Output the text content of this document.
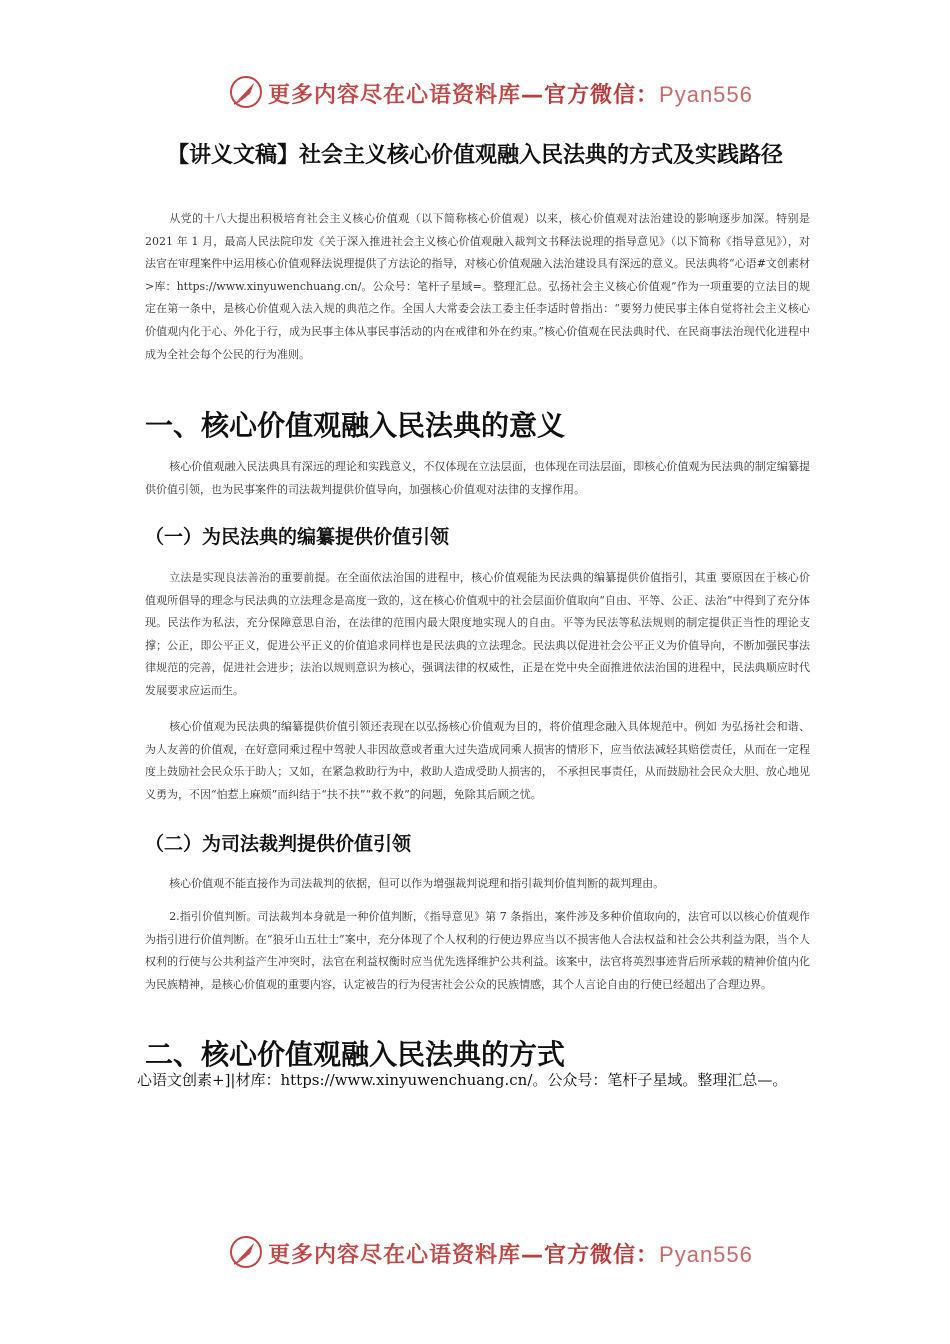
更多内容尽在心语资料库—官方微信：Pyan556
【讲义文稿】社会主义核心价值观融入民法典的方式及实践路径

从党的十八大提出积极培育社会主义核心价值观（以下简称核心价值观）以来，核心价值观对法治建设的影响逐步加深。特别是 2021 年 1 月，最高人民法院印发《关于深入推进社会主义核心价值观融入裁判文书释法说理的指导意见》（以下简称《指导意见》），对法官在审理案件中运用核心价值观释法说理提供了方法论的指导，对核心价值观融入法治建设具有深远的意义。民法典将“心语#文创素材>库：https://www.xinyuwenchuang.cn/。公众号：笔杆子星域=。整理汇总。弘扬社会主义核心价值观”作为一项重要的立法目的规定在第一条中，是核心价值观入法入规的典范之作。全国人大常委会法工委主任李适时曾指出：“要努力使民事主体自觉将社会主义核心价值观内化于心、外化于行，成为民事主体从事民事活动的内在戒律和外在约束。”核心价值观在民法典时代、在民商事法治现代化进程中成为全社会每个公民的行为准则。

一、核心价值观融入民法典的意义

核心价值观融入民法典具有深远的理论和实践意义，不仅体现在立法层面，也体现在司法层面，即核心价值观为民法典的制定编纂提供价值引领，也为民事案件的司法裁判提供价值导向，加强核心价值观对法律的支撑作用。

（一）为民法典的编纂提供价值引领

立法是实现良法善治的重要前提。在全面依法治国的进程中，核心价值观能为民法典的编纂提供价值指引，其重 要原因在于核心价值观所倡导的理念与民法典的立法理念是高度一致的，这在核心价值观中的社会层面价值取向“自由、平等、公正、法治”中得到了充分体现。民法作为私法，充分保障意思自治，在法律的范围内最大限度地实现人的自由。平等为民法等私法规则的制定提供正当性的理论支撑；公正，即公平正义，促进公平正义的价值追求同样也是民法典的立法理念。民法典以促进社会公平正义为价值导向，不断加强民事法律规范的完善，促进社会进步；法治以规则意识为核心，强调法律的权威性，正是在党中央全面推进依法治国的进程中，民法典顺应时代发展要求应运而生。

核心价值观为民法典的编纂提供价值引领还表现在以弘扬核心价值观为目的，将价值理念融入具体规范中。例如 为弘扬社会和谐、为人友善的价值观，在好意同乘过程中驾驶人非因故意或者重大过失造成同乘人损害的情形下，应当依法减轻其赔偿责任，从而在一定程度上鼓励社会民众乐于助人；又如，在紧急救助行为中，救助人造成受助人损害的， 不承担民事责任，从而鼓励社会民众大胆、放心地见义勇为，不因“怕惹上麻烦”而纠结于“扶不扶”“救不救”的问题，免除其后顾之忧。

（二）为司法裁判提供价值引领

核心价值观不能直接作为司法裁判的依据，但可以作为增强裁判说理和指引裁判价值判断的裁判理由。

2.指引价值判断。司法裁判本身就是一种价值判断，《指导意见》第 7 条指出，案件涉及多种价值取向的，法官可以以核心价值观作为指引进行价值判断。在“狼牙山五壮士”案中，充分体现了个人权利的行使边界应当以不损害他人合法权益和社会公共利益为限，当个人权利的行使与公共利益产生冲突时，法官在利益权衡时应当优先选择维护公共利益。该案中，法官将英烈事迹背后所承载的精神价值内化为民族精神，是核心价值观的重要内容，认定被告的行为侵害社会公众的民族情感，其个人言论自由的行使已经超出了合理边界。

二、核心价值观融入民法典的方式

心语文创素+]|材库：https://www.xinyuwenchuang.cn/。公众号：笔杆子星域。整理汇总—。

更多内容尽在心语资料库—官方微信：Pyan556
